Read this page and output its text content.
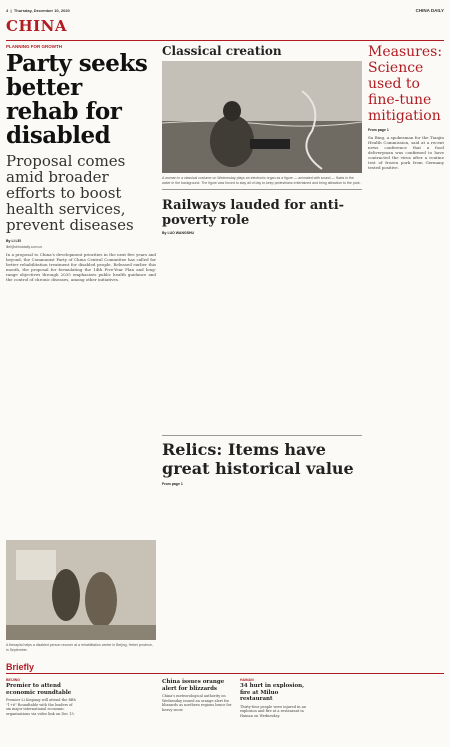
4  |  Thursday, December 10, 2020	CHINA DAILY
CHINA
PLANNING FOR GROWTH
Party seeks better rehab for disabled
Proposal comes amid broader efforts to boost health services, prevent diseases
By LI LEI
lilei@chinadaily.com.cn
In a proposal to China's development priorities in the next five years and beyond, the Communist Party of China Central Committee has called for better rehabilitation treatment for disabled people. Released earlier this month, the proposal for formulating the 14th Five-Year Plan and long-range objectives through 2035 emphasizes public health guidance and the control of chronic diseases, among other initiatives.
Classical creation
A woman in a classical costume on Wednesday plays an electronic organ as a figure — animated with sound — floats in the water in the background. The figure was forced to stay all of day to keep pedestrians entertained and bring attraction to the park.
Railways lauded for anti-poverty role
By LUO WANGSHU
Relics: Items have great historical value
From page 1
Measures: Science used to fine-tune mitigation
From page 1
Su Bing, a spokesman for the Tianjin Health Commission, said at a recent news conference that a food deliveryman was confirmed to have contracted the virus after a routine test of frozen pork from Germany tested positive.
A therapist helps a disabled person recover at a rehabilitation center in Beijing, Hebei province, in September.
Briefly
BEIJING
Premier to attend economic roundtable
Premier Li Keqiang will attend the fifth "1+6" Roundtable with the leaders of six major international economic organizations via video link on Dec 15.
China issues orange alert for blizzards
China's meteorological authority on Wednesday issued an orange alert for blizzards as northern regions brace for heavy snow.
HAINAN
34 hurt in explosion, fire at Miluo restaurant
Thirty-four people were injured in an explosion and fire at a restaurant in Hainan on Wednesday.
